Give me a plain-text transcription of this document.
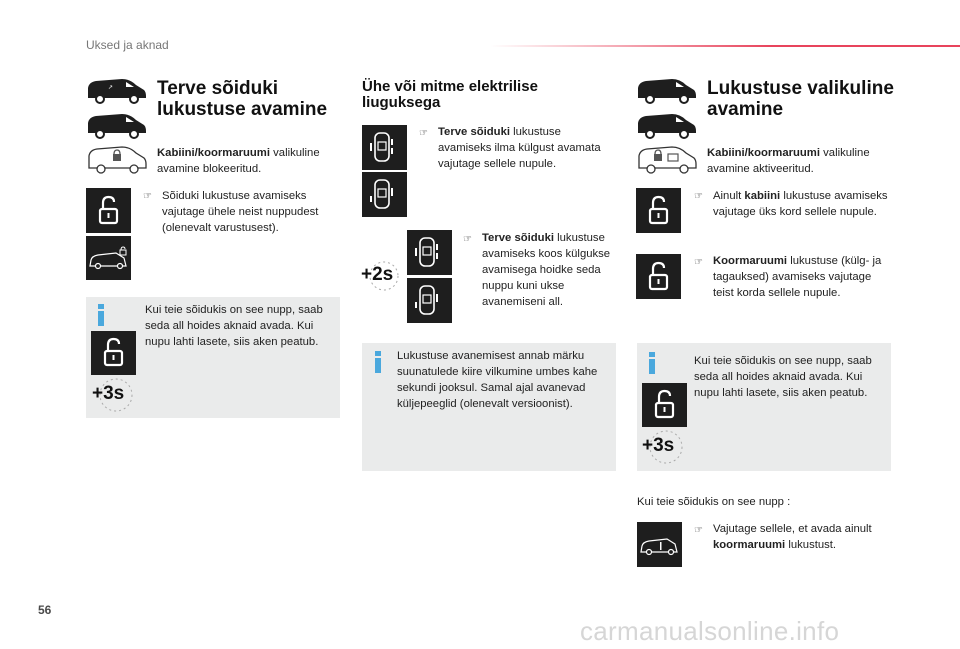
Uksed ja aknad
↗ Terve sõiduki
lukustuse avamine
Kabiini/koormaruumi valikuline
avamine blokeeritud.
☞ Sõiduki lukustuse avamiseks vajutage ühele neist nuppudest (olenevalt varustusest).
Kui teie sõidukis on see nupp, saab seda all hoides aknaid avada. Kui nupu lahti lasete, siis aken peatub.
+3s
Ühe või mitme elektrilise
liuguksega
☞ Terve sõiduki lukustuse avamiseks ilma külgust avamata vajutage sellele nupule.
+2s
☞ Terve sõiduki lukustuse avamiseks koos külgukse avamisega hoidke seda nuppu kuni ukse avanemiseni all.
Lukustuse avanemisest annab märku suunatulede kiire vilkumine umbes kahe sekundi jooksul. Samal ajal avanevad küljepeeglid (olenevalt versioonist).
Lukustuse valikuline
avamine
Kabiini/koormaruumi valikuline
avamine aktiveeritud.
☞ Ainult kabiini lukustuse avamiseks vajutage üks kord sellele nupule.
☞ Koormaruumi lukustuse (külg- ja tagauksed) avamiseks vajutage teist korda sellele nupule.
Kui teie sõidukis on see nupp, saab seda all hoides aknaid avada. Kui nupu lahti lasete, siis aken peatub.
+3s
Kui teie sõidukis on see nupp :
☞ Vajutage sellele, et avada ainult koormaruumi lukustust.
56
carmanualsonline.info
